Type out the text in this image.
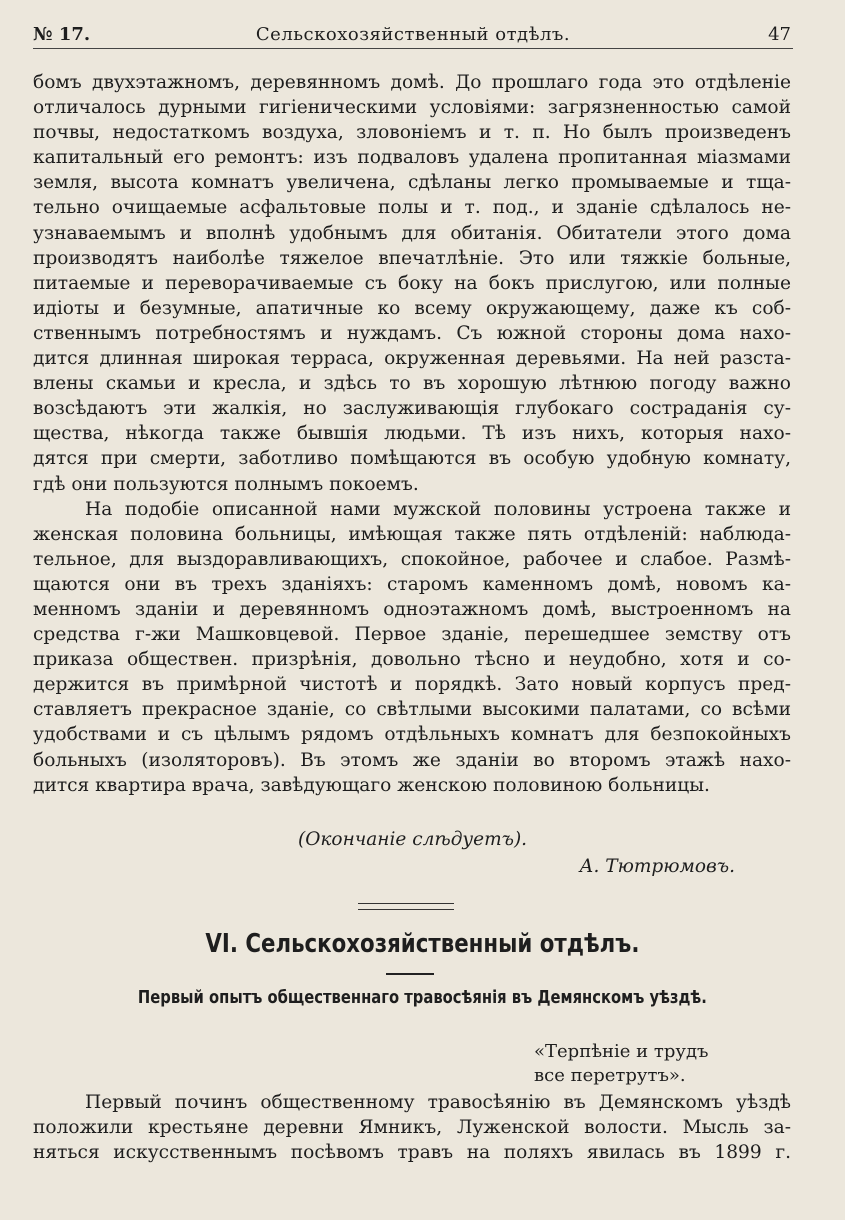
№ 17.	Сельскохозяйственный отдѣлъ.	47
бомъ двухэтажномъ, деревянномъ домѣ. До прошлаго года это отдѣленіе
отличалось дурными гигіеническими условіями: загрязненностью самой
почвы, недостаткомъ воздуха, зловоніемъ и т. п. Но былъ произведенъ
капитальный его ремонтъ: изъ подваловъ удалена пропитанная міазмами
земля, высота комнатъ увеличена, сдѣланы легко промываемые и тща-
тельно очищаемые асфальтовые полы и т. под., и зданіе сдѣлалось не-
узнаваемымъ и вполнѣ удобнымъ для обитанія. Обитатели этого дома
производятъ наиболѣе тяжелое впечатлѣніе. Это или тяжкіе больные,
питаемые и переворачиваемые съ боку на бокъ прислугою, или полные
идіоты и безумные, апатичные ко всему окружающему, даже къ соб-
ственнымъ потребностямъ и нуждамъ. Съ южной стороны дома нахо-
дится длинная широкая терраса, окруженная деревьями. На ней разста-
влены скамьи и кресла, и здѣсь то въ хорошую лѣтнюю погоду важно
возсѣдаютъ эти жалкія, но заслуживающія глубокаго состраданія су-
щества, нѣкогда также бывшія людьми. Тѣ изъ нихъ, которыя нахо-
дятся при смерти, заботливо помѣщаются въ особую удобную комнату,
гдѣ они пользуются полнымъ покоемъ.
На подобіе описанной нами мужской половины устроена также и
женская половина больницы, имѣющая также пять отдѣленій: наблюда-
тельное, для выздоравливающихъ, спокойное, рабочее и слабое. Размѣ-
щаются они въ трехъ зданіяхъ: старомъ каменномъ домѣ, новомъ ка-
менномъ зданіи и деревянномъ одноэтажномъ домѣ, выстроенномъ на
средства г-жи Машковцевой. Первое зданіе, перешедшее земству отъ
приказа обществен. призрѣнія, довольно тѣсно и неудобно, хотя и со-
держится въ примѣрной чистотѣ и порядкѣ. Зато новый корпусъ пред-
ставляетъ прекрасное зданіе, со свѣтлыми высокими палатами, со всѣми
удобствами и съ цѣлымъ рядомъ отдѣльныхъ комнатъ для безпокойныхъ
больныхъ (изоляторовъ). Въ этомъ же зданіи во второмъ этажѣ нахо-
дится квартира врача, завѣдующаго женскою половиною больницы.
(Окончаніе слѣдуетъ).
А. Тютрюмовъ.
VI. Сельскохозяйственный отдѣлъ.
Первый опытъ общественнаго травосѣянія въ Демянскомъ уѣздѣ.
«Терпѣніе и трудъ
все перетрутъ».
Первый починъ общественному травосѣянію въ Демянскомъ уѣздѣ
положили крестьяне деревни Ямникъ, Луженской волости. Мысль за-
няться искусственнымъ посѣвомъ травъ на поляхъ явилась въ 1899 г.
